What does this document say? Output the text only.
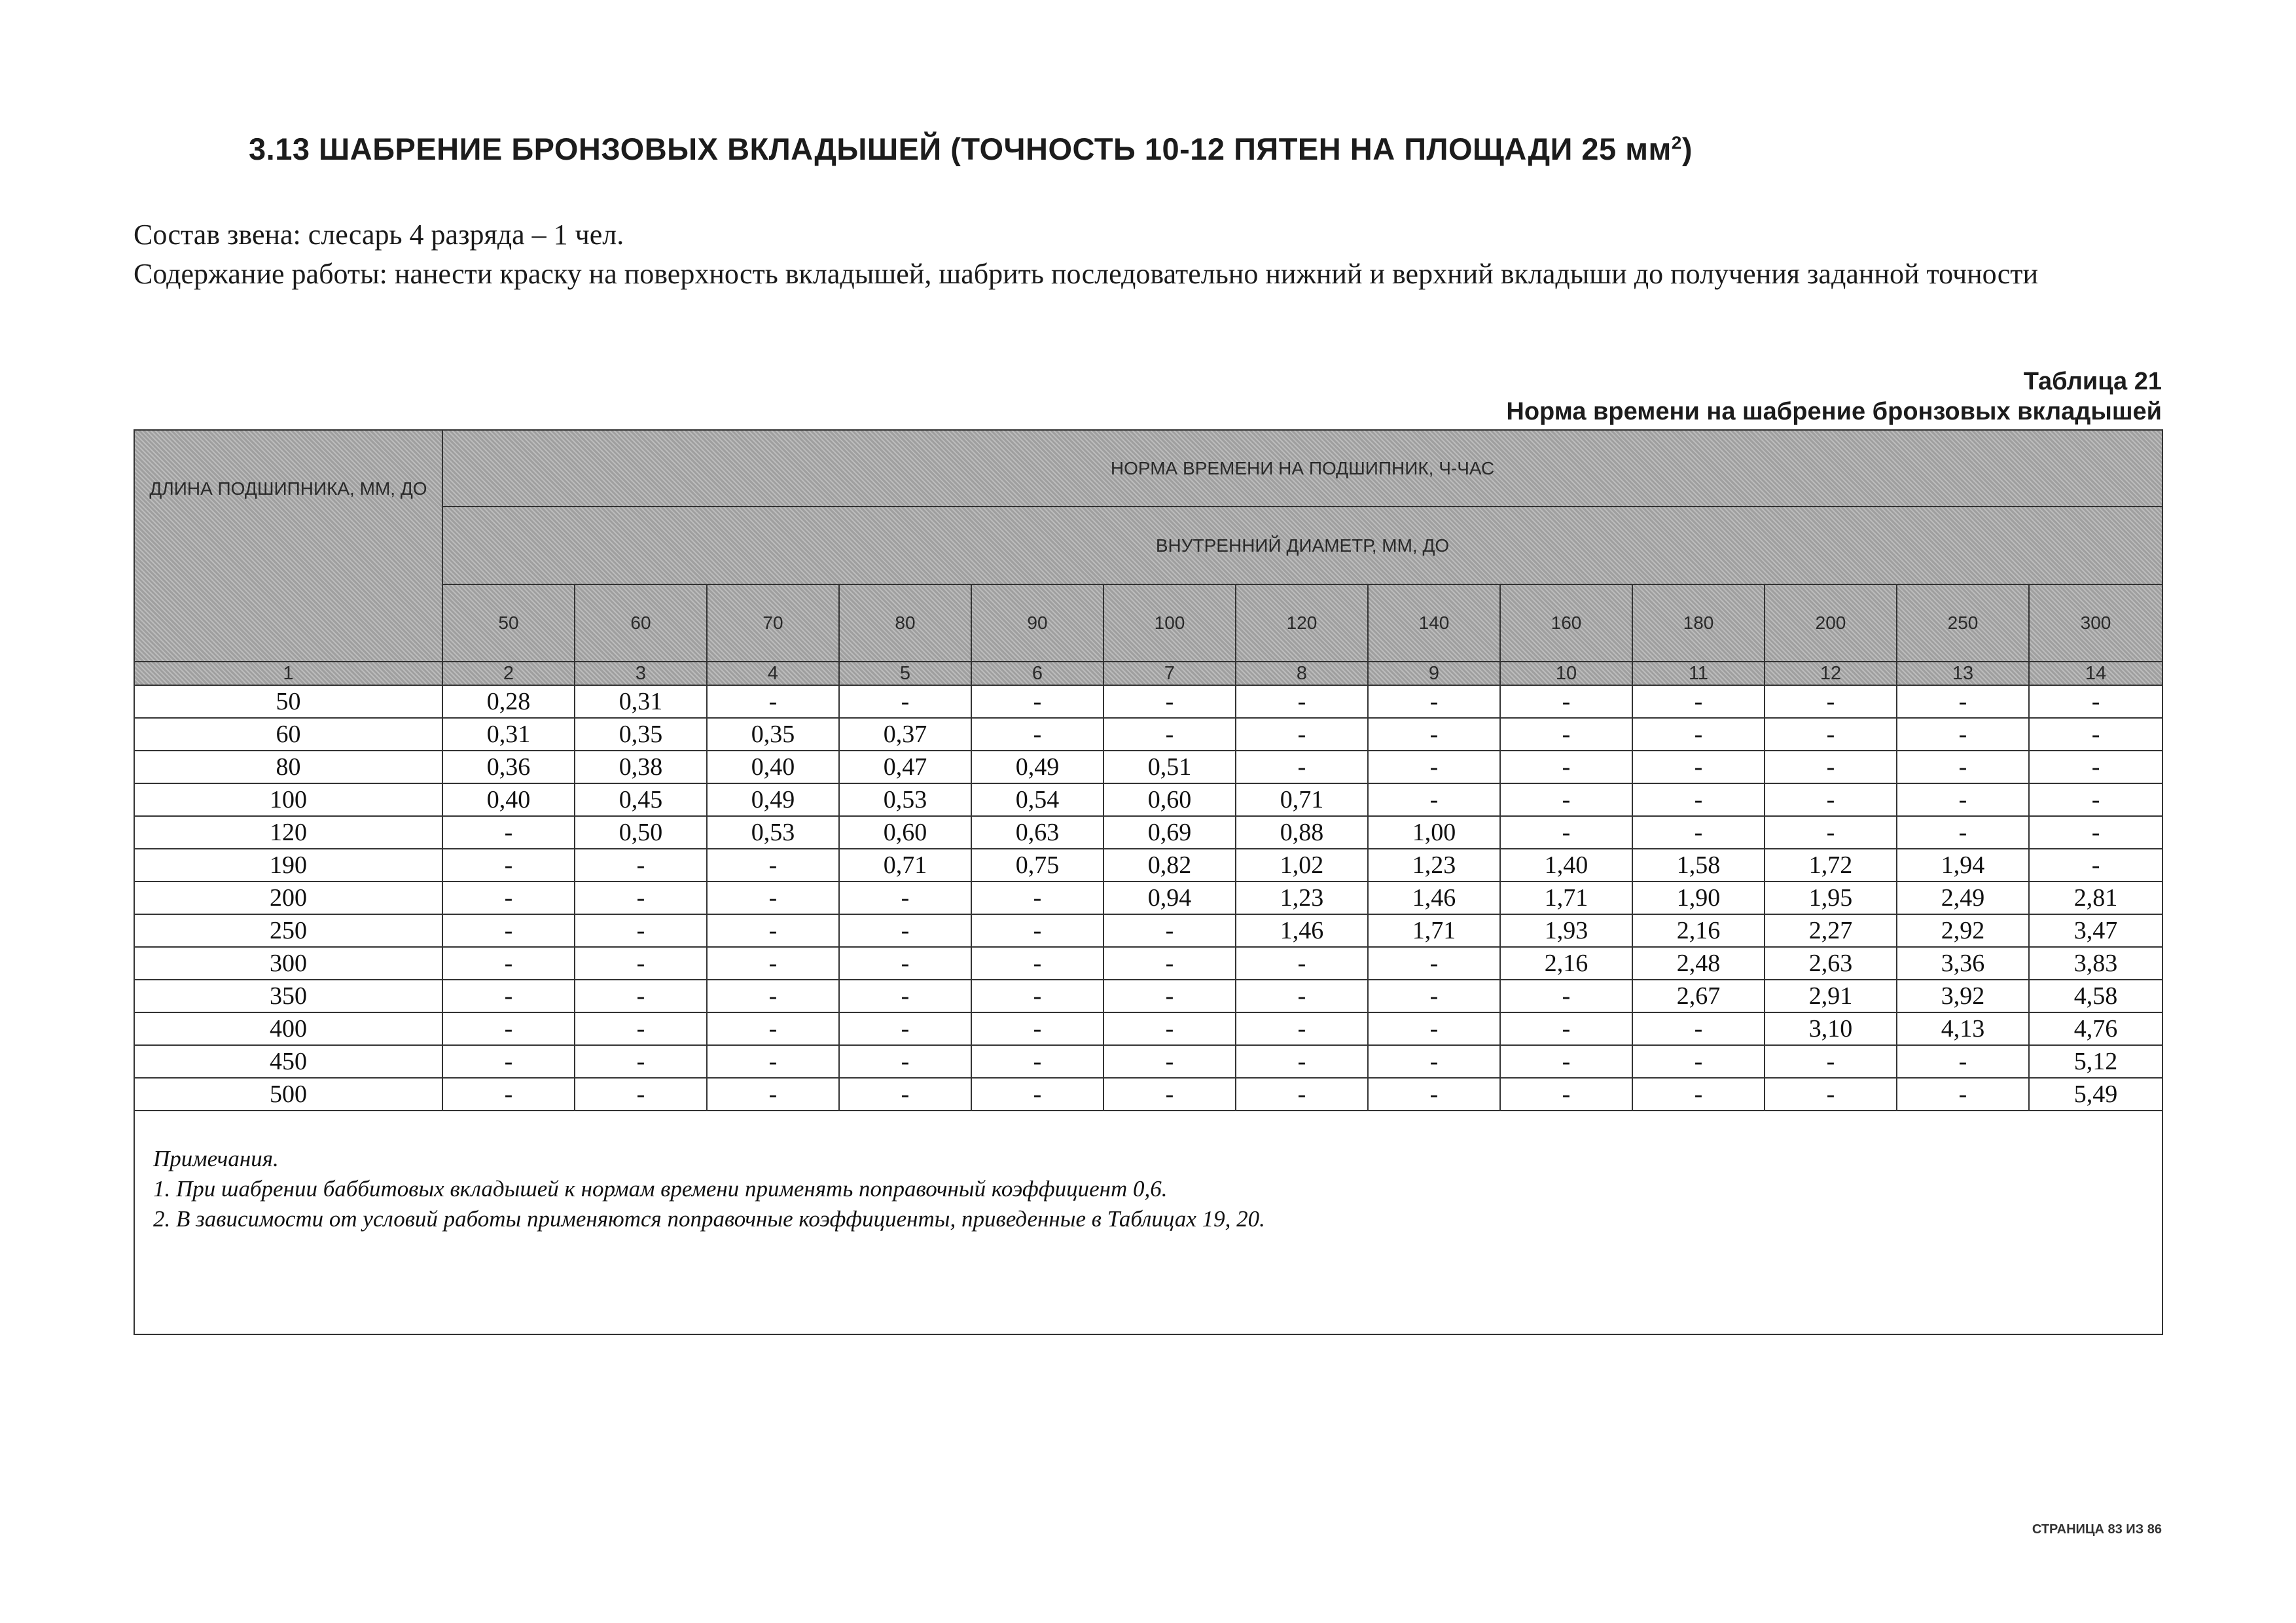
3.13 ШАБРЕНИЕ БРОНЗОВЫХ ВКЛАДЫШЕЙ (ТОЧНОСТЬ 10-12 ПЯТЕН НА ПЛОЩАДИ 25 $мм^2$)
Состав звена: слесарь 4 разряда – 1 чел.
Содержание работы: нанести краску на поверхность вкладышей, шабрить последовательно нижний и верхний вкладыши до получения заданной точности
Таблица 21
Норма времени на шабрение бронзовых вкладышей
ДЛИНА ПОДШИПНИКА, ММ, ДО	НОРМА ВРЕМЕНИ НА ПОДШИПНИК, Ч-ЧАС												
	ВНУТРЕННИЙ ДИАМЕТР, ММ, ДО												
	50	60	70	80	90	100	120	140	160	180	200	250	300
1	2	3	4	5	6	7	8	9	10	11	12	13	14
50	0,28	0,31	-	-	-	-	-	-	-	-	-	-	-
60	0,31	0,35	0,35	0,37	-	-	-	-	-	-	-	-	-
80	0,36	0,38	0,40	0,47	0,49	0,51	-	-	-	-	-	-	-
100	0,40	0,45	0,49	0,53	0,54	0,60	0,71	-	-	-	-	-	-
120	-	0,50	0,53	0,60	0,63	0,69	0,88	1,00	-	-	-	-	-
190	-	-	-	0,71	0,75	0,82	1,02	1,23	1,40	1,58	1,72	1,94	-
200	-	-	-	-	-	0,94	1,23	1,46	1,71	1,90	1,95	2,49	2,81
250	-	-	-	-	-	-	1,46	1,71	1,93	2,16	2,27	2,92	3,47
300	-	-	-	-	-	-	-	-	2,16	2,48	2,63	3,36	3,83
350	-	-	-	-	-	-	-	-	-	2,67	2,91	3,92	4,58
400	-	-	-	-	-	-	-	-	-	-	3,10	4,13	4,76
450	-	-	-	-	-	-	-	-	-	-	-	-	5,12
500	-	-	-	-	-	-	-	-	-	-	-	-	5,49

Примечания.
1. При шабрении баббитовых вкладышей к нормам времени применять поправочный коэффициент 0,6.
2. В зависимости от условий работы применяются поправочные коэффициенты, приведенные в Таблицах 19, 20.													
СТРАНИЦА 83 ИЗ 86
